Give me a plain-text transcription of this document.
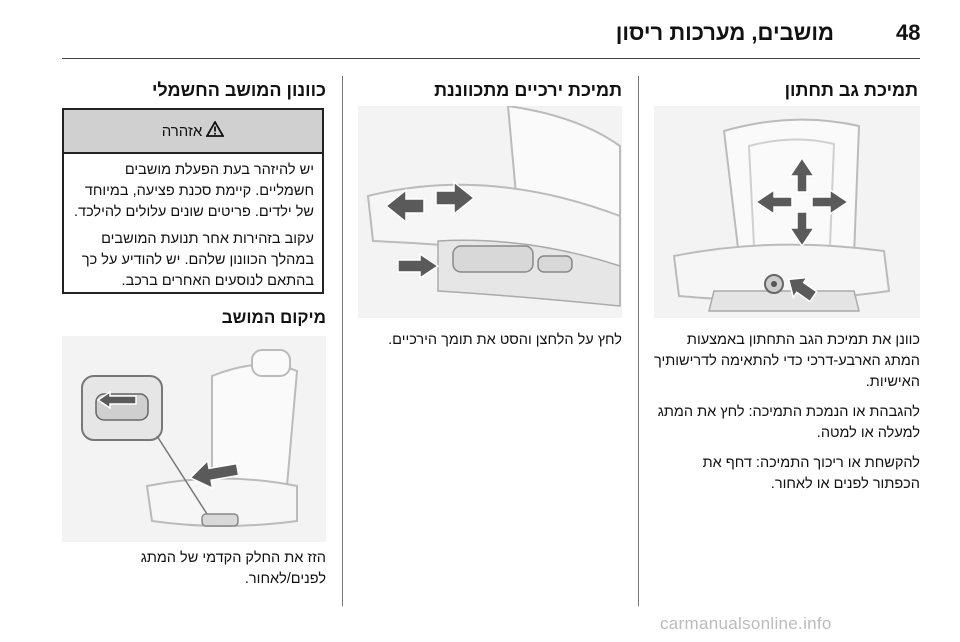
48
מושבים, מערכות ריסון
תמיכת גב תחתון

כוונן את תמיכת הגב התחתון באמצעות המתג הארבע-דרכי כדי להתאימה לדרישותיך האישיות.

להגבהת או הנמכת התמיכה: לחץ את המתג למעלה או למטה.

להקשחת או ריכוך התמיכה: דחף את הכפתור לפנים או לאחור.

תמיכת ירכיים מתכווננת
לחץ על הלחצן והסט את תומך הירכיים.
כוונון המושב החשמלי
אזהרה

יש להיזהר בעת הפעלת מושבים חשמליים. קיימת סכנת פציעה, במיוחד של ילדים. פריטים שונים עלולים להילכד.

עקוב בזהירות אחר תנועת המושבים במהלך הכוונון שלהם. יש להודיע על כך בהתאם לנוסעים האחרים ברכב.

מיקום המושב
הזז את החלק הקדמי של המתג לפנים/לאחור.
carmanualsonline.info
